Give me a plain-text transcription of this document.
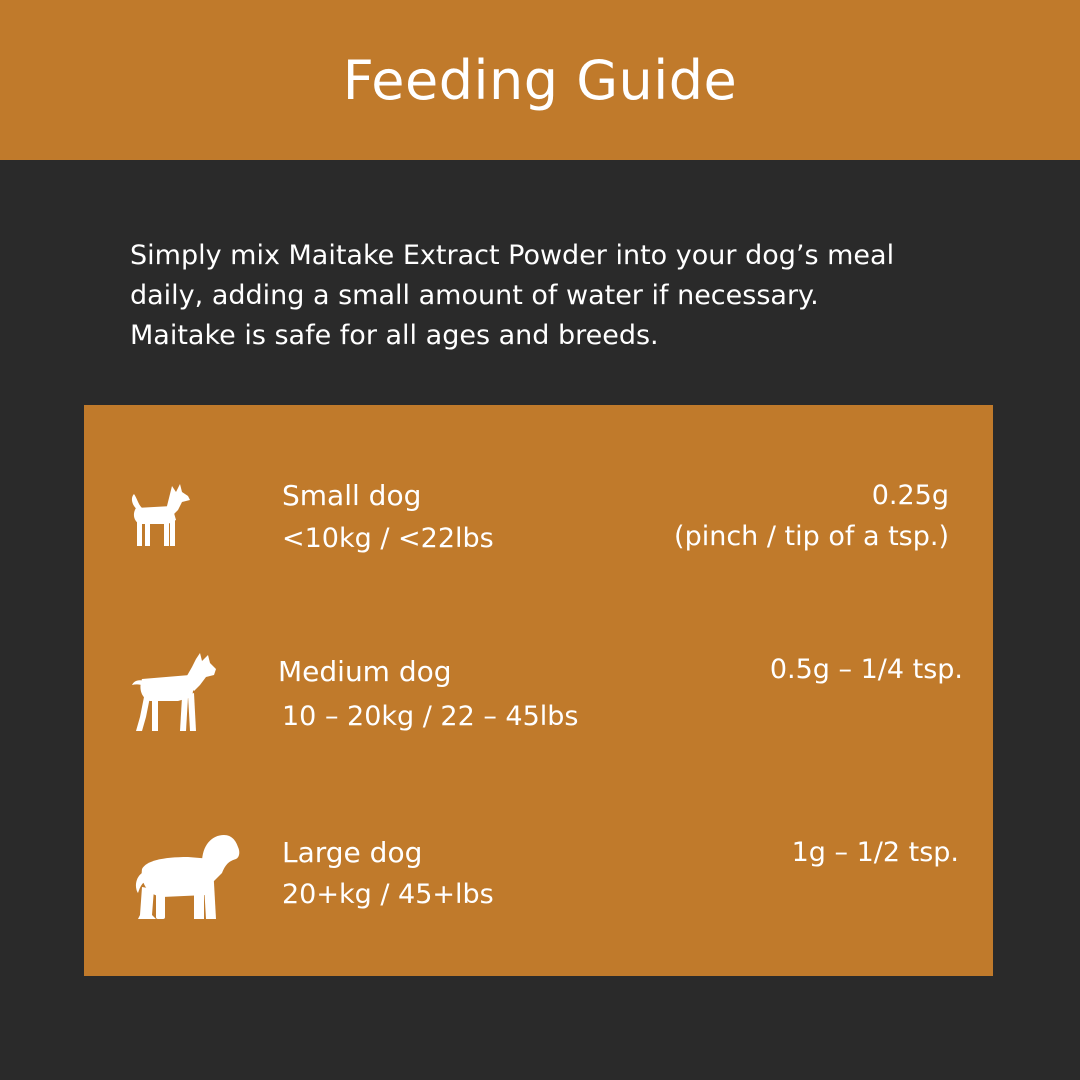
Feeding Guide

Simply mix Maitake Extract Powder into your dog’s meal daily, adding a small amount of water if necessary. Maitake is safe for all ages and breeds.

Small dog
<10kg / <22lbs
0.25g
(pinch / tip of a tsp.)
Medium dog
10 – 20kg / 22 – 45lbs
0.5g – 1/4 tsp.
Large dog
20+kg / 45+lbs
1g – 1/2 tsp.
